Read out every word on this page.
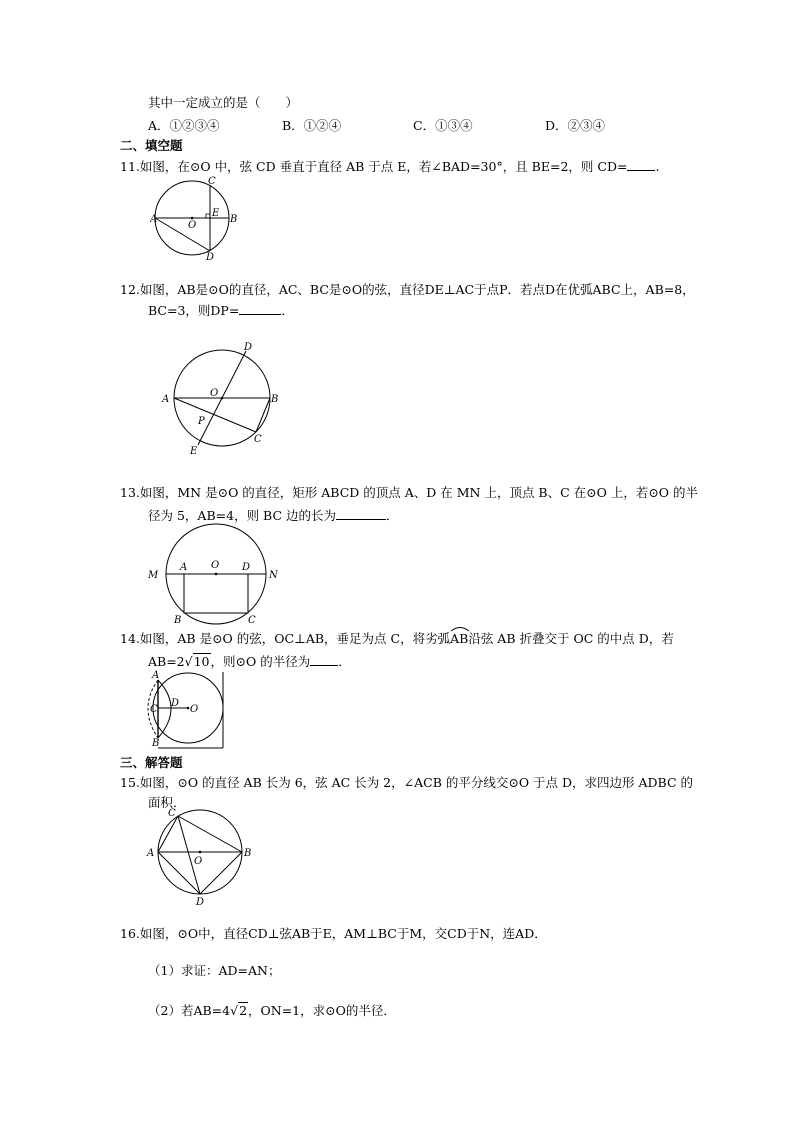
其中一定成立的是（　　）
A．①②③④	B．①②④	C．①③④	D．②③④
二、填空题
11.如图，在⊙O 中，弦 CD 垂直于直径 AB 于点 E，若∠BAD=30°，且 BE=2，则 CD= .
A	B
C
D
E
O
12.如图，AB是⊙O的直径，AC、BC是⊙O的弦，直径DE⊥AC于点P．若点D在优弧ABC上，AB=8，
BC=3，则DP=	．
A	B
C
D
E
O
P
13.如图，MN 是⊙O 的直径，矩形 ABCD 的顶点 A、D 在 MN 上，顶点 B、C 在⊙O 上，若⊙O 的半
径为 5，AB=4，则 BC 边的长为	．
M	N
A	D
O
B	C
14.如图，AB 是⊙O 的弦，OC⊥AB，垂足为点 C，将劣弧
AB沿弦 AB 折叠交于 OC 的中点 D，若
AB=2√10，则⊙O 的半径为 ．
A
B
C
D
O
三、解答题
15.如图，⊙O 的直径 AB 长为 6，弦 AC 长为 2，∠ACB 的平分线交⊙O 于点 D，求四边形 ADBC 的
面积．
A	B
C
D
O
16.如图，⊙O中，直径CD⊥弦AB于E，AM⊥BC于M，交CD于N，连AD．
（1）求证：AD=AN；
（2）若AB=4√2，ON=1，求⊙O的半径．
